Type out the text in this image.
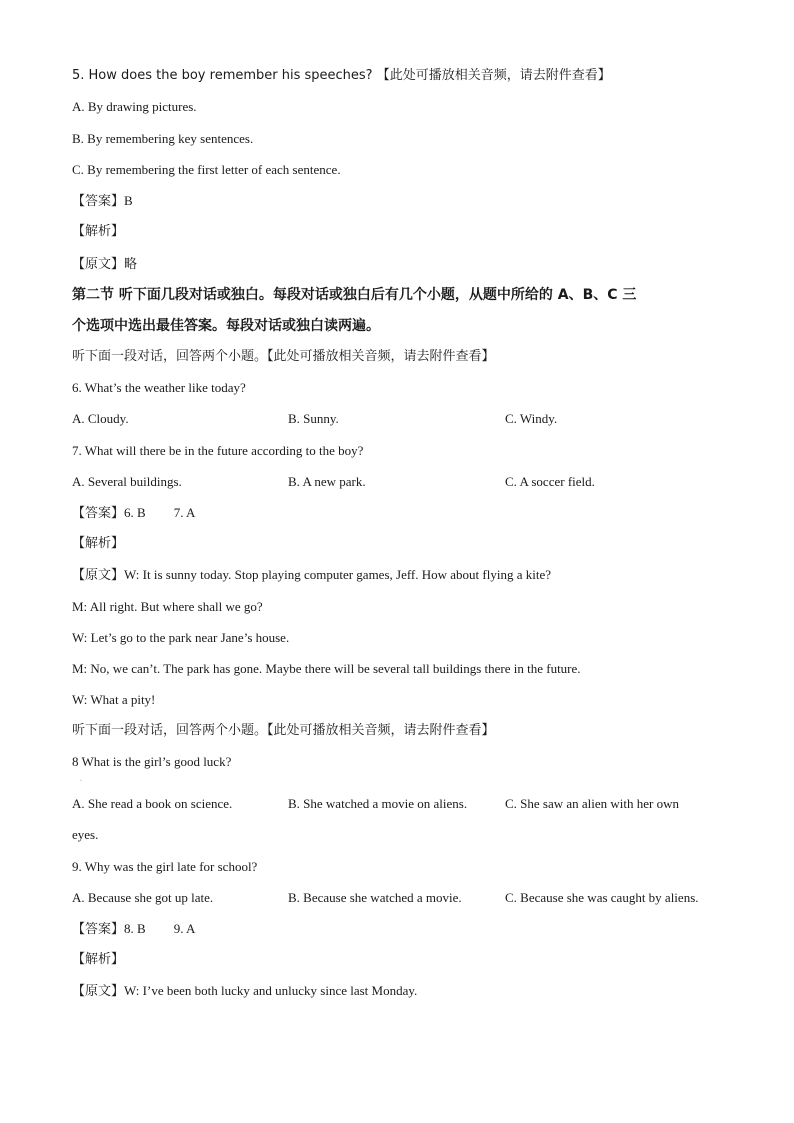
5. How does the boy remember his speeches? 【此处可播放相关音频，请去附件查看】
A. By drawing pictures.
B. By remembering key sentences.
C. By remembering the first letter of each sentence.
【答案】B
【解析】
【原文】略
第二节 听下面几段对话或独白。每段对话或独白后有几个小题，从题中所给的 A、B、C 三
个选项中选出最佳答案。每段对话或独白读两遍。
听下面一段对话，回答两个小题。【此处可播放相关音频，请去附件查看】
6. What’s the weather like today?
A. Cloudy.	B. Sunny.	C. Windy.
7. What will there be in the future according to the boy?
A. Several buildings.	B. A new park.	C. A soccer field.
【答案】6. B 7. A
【解析】
【原文】W: It is sunny today. Stop playing computer games, Jeff. How about flying a kite?
M: All right. But where shall we go?
W: Let’s go to the park near Jane’s house.
M: No, we can’t. The park has gone. Maybe there will be several tall buildings there in the future.
W: What a pity!
听下面一段对话，回答两个小题。【此处可播放相关音频，请去附件查看】
8 What is the girl’s good luck?
·
A. She read a book on science.	B. She watched a movie on aliens.	C. She saw an alien with her own
eyes.
9. Why was the girl late for school?
A. Because she got up late.	B. Because she watched a movie.	C. Because she was caught by aliens.
【答案】8. B 9. A
【解析】
【原文】W: I’ve been both lucky and unlucky since last Monday.
